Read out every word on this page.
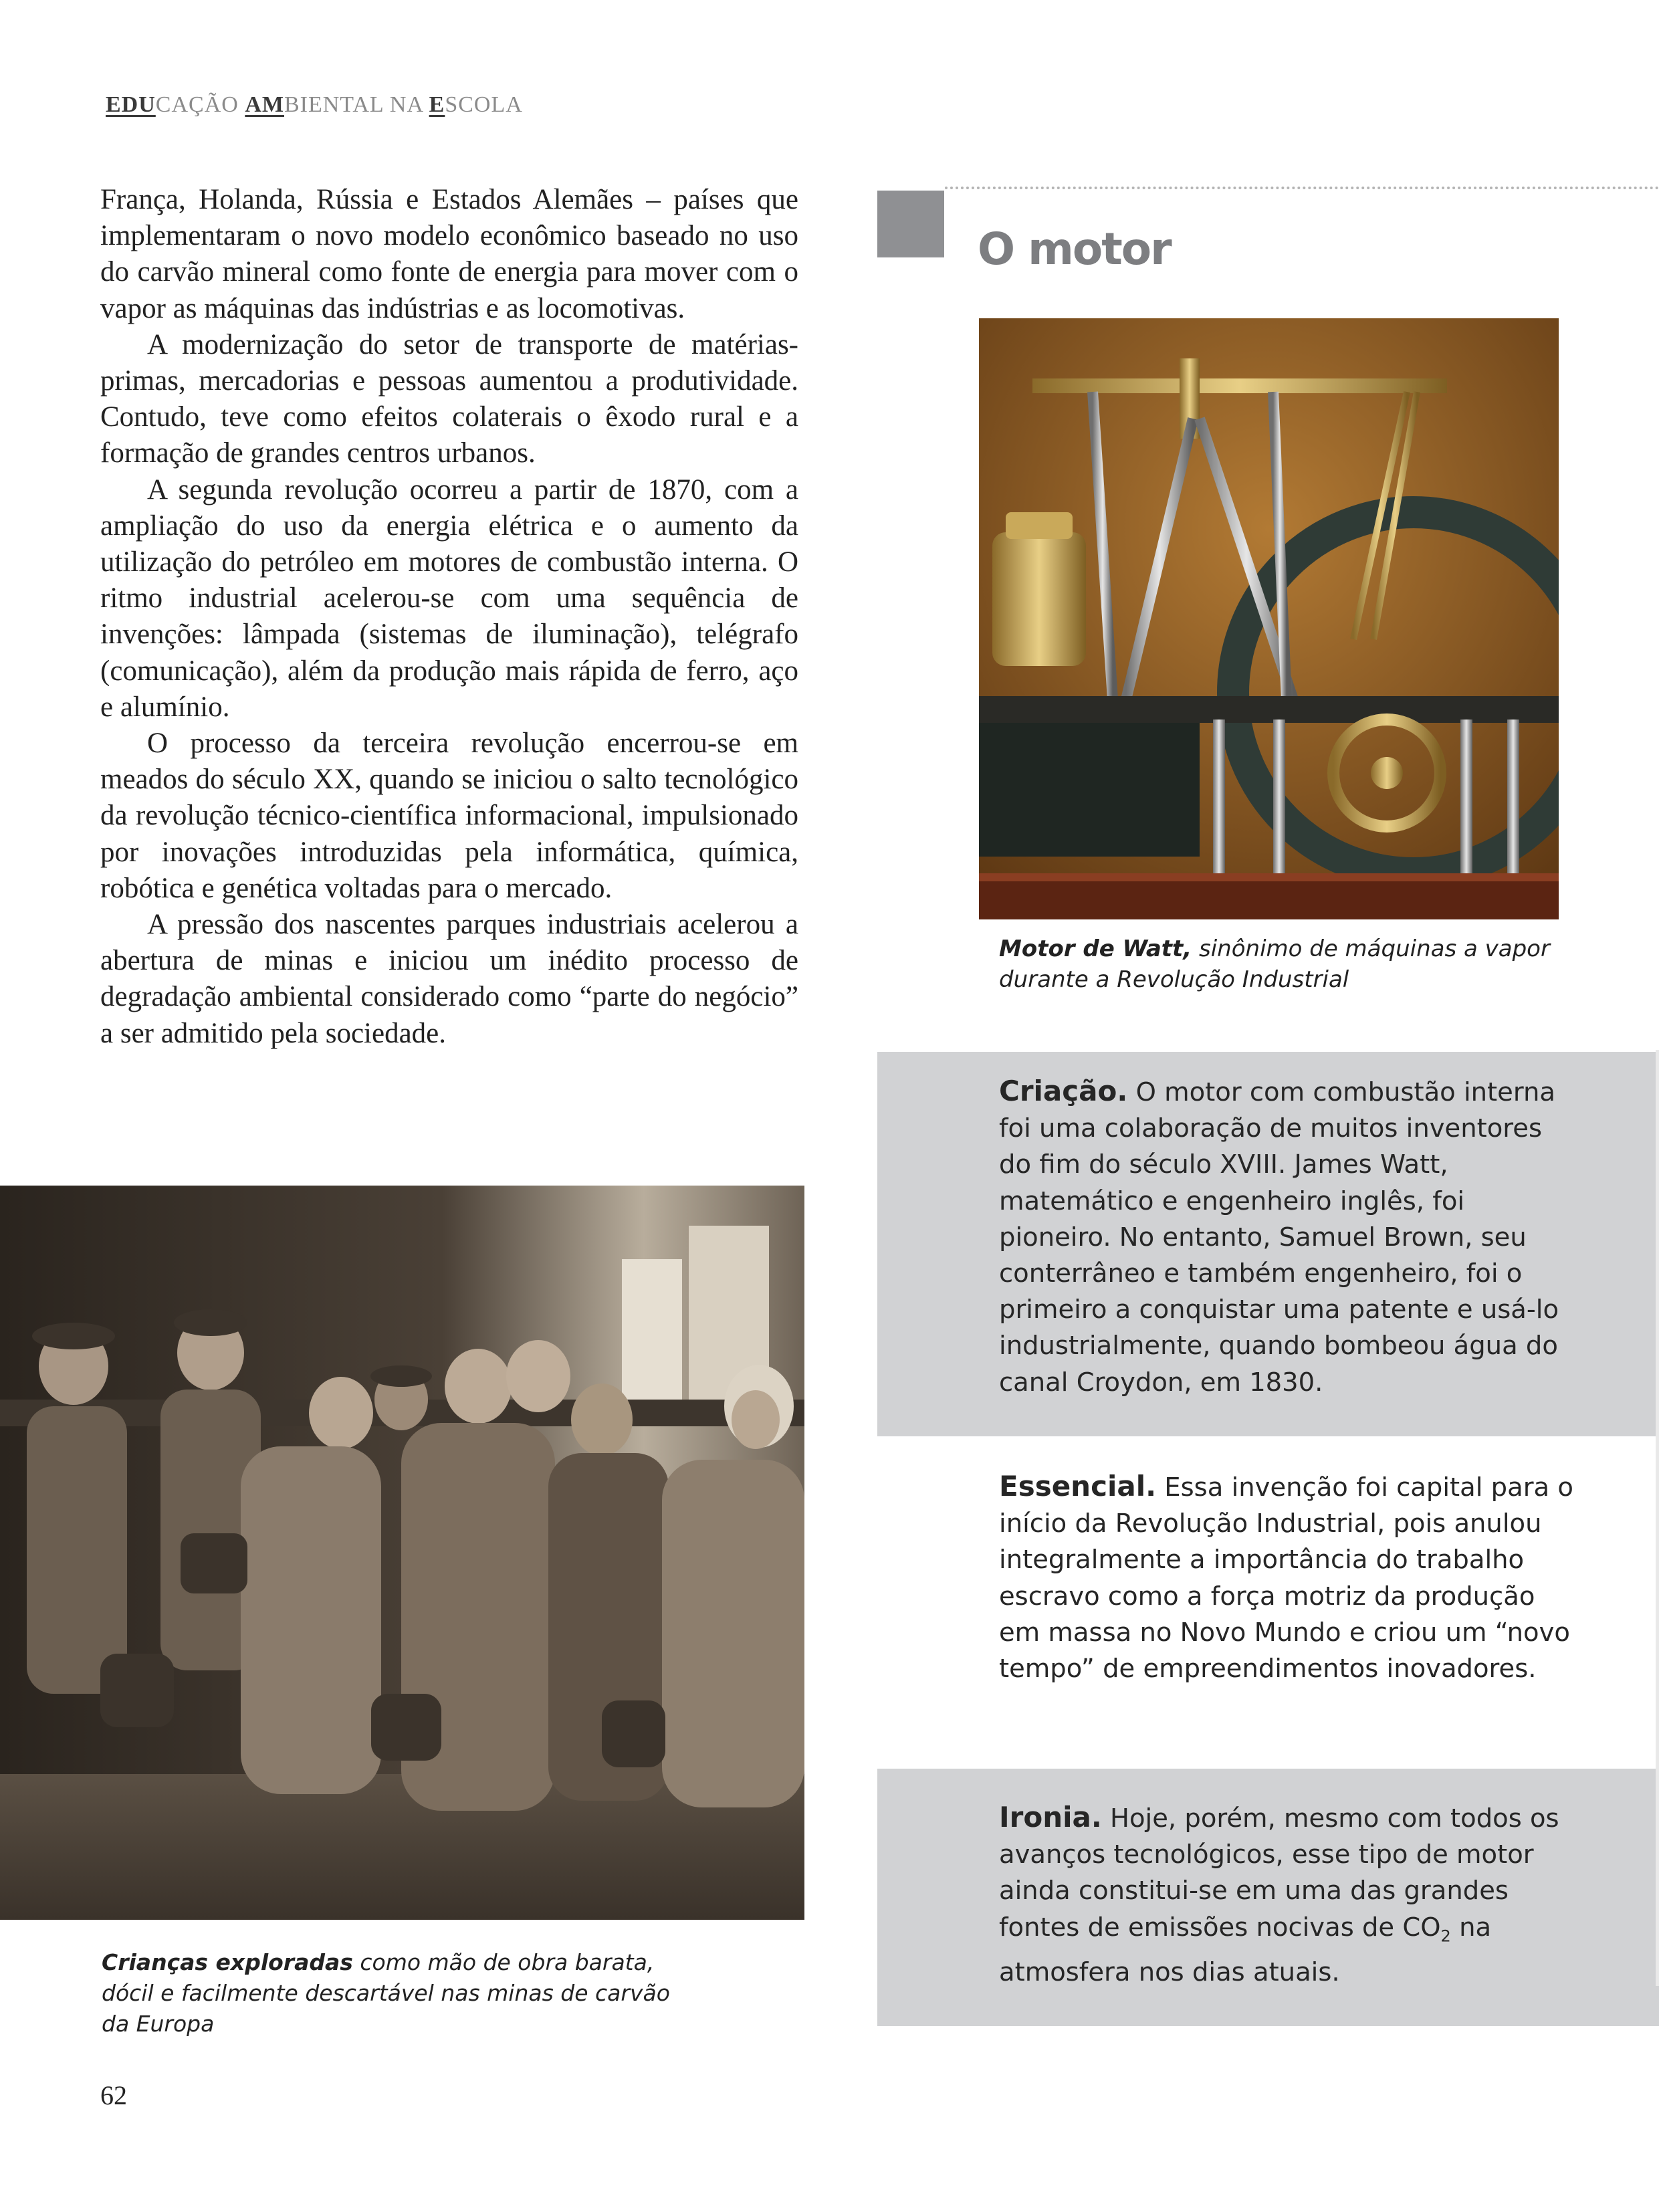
EDUCAÇÃO AMBIENTAL NA ESCOLA

França, Holanda, Rússia e Estados Alemães – países que implementaram o novo modelo econômico baseado no uso do carvão mineral como fonte de energia para mover com o vapor as máquinas das indústrias e as locomotivas.

A modernização do setor de transporte de matérias-primas, mercadorias e pessoas aumentou a produtividade. Contudo, teve como efeitos colaterais o êxodo rural e a formação de grandes centros urbanos.

A segunda revolução ocorreu a partir de 1870, com a ampliação do uso da energia elétrica e o aumento da utilização do petróleo em motores de combustão interna. O ritmo industrial acelerou-se com uma sequência de invenções: lâmpada (sistemas de iluminação), telégrafo (comunicação), além da produção mais rápida de ferro, aço e alumínio.

O processo da terceira revolução encerrou-se em meados do século XX, quando se iniciou o salto tecnológico da revolução técnico-científica informacional, impulsionado por inovações introduzidas pela informática, química, robótica e genética voltadas para o mercado.

A pressão dos nascentes parques industriais acelerou a abertura de minas e iniciou um inédito processo de degradação ambiental considerado como “parte do negócio” a ser admitido pela sociedade.

Crianças exploradas como mão de obra barata, dócil e facilmente descartável nas minas de carvão da Europa
62
O motor
Motor de Watt, sinônimo de máquinas a vapor durante a Revolução Industrial
Criação. O motor com combustão interna foi uma colaboração de muitos inventores do fim do século XVIII. James Watt, matemático e engenheiro inglês, foi pioneiro. No entanto, Samuel Brown, seu conterrâneo e também engenheiro, foi o primeiro a conquistar uma patente e usá-lo industrialmente, quando bombeou água do canal Croydon, em 1830.
Essencial. Essa invenção foi capital para o início da Revolução Industrial, pois anulou integralmente a importância do trabalho escravo como a força motriz da produção em massa no Novo Mundo e criou um “novo tempo” de empreendimentos inovadores.
Ironia. Hoje, porém, mesmo com todos os avanços tecnológicos, esse tipo de motor ainda constitui-se em uma das grandes fontes de emissões nocivas de $CO_2$ na atmosfera nos dias atuais.
